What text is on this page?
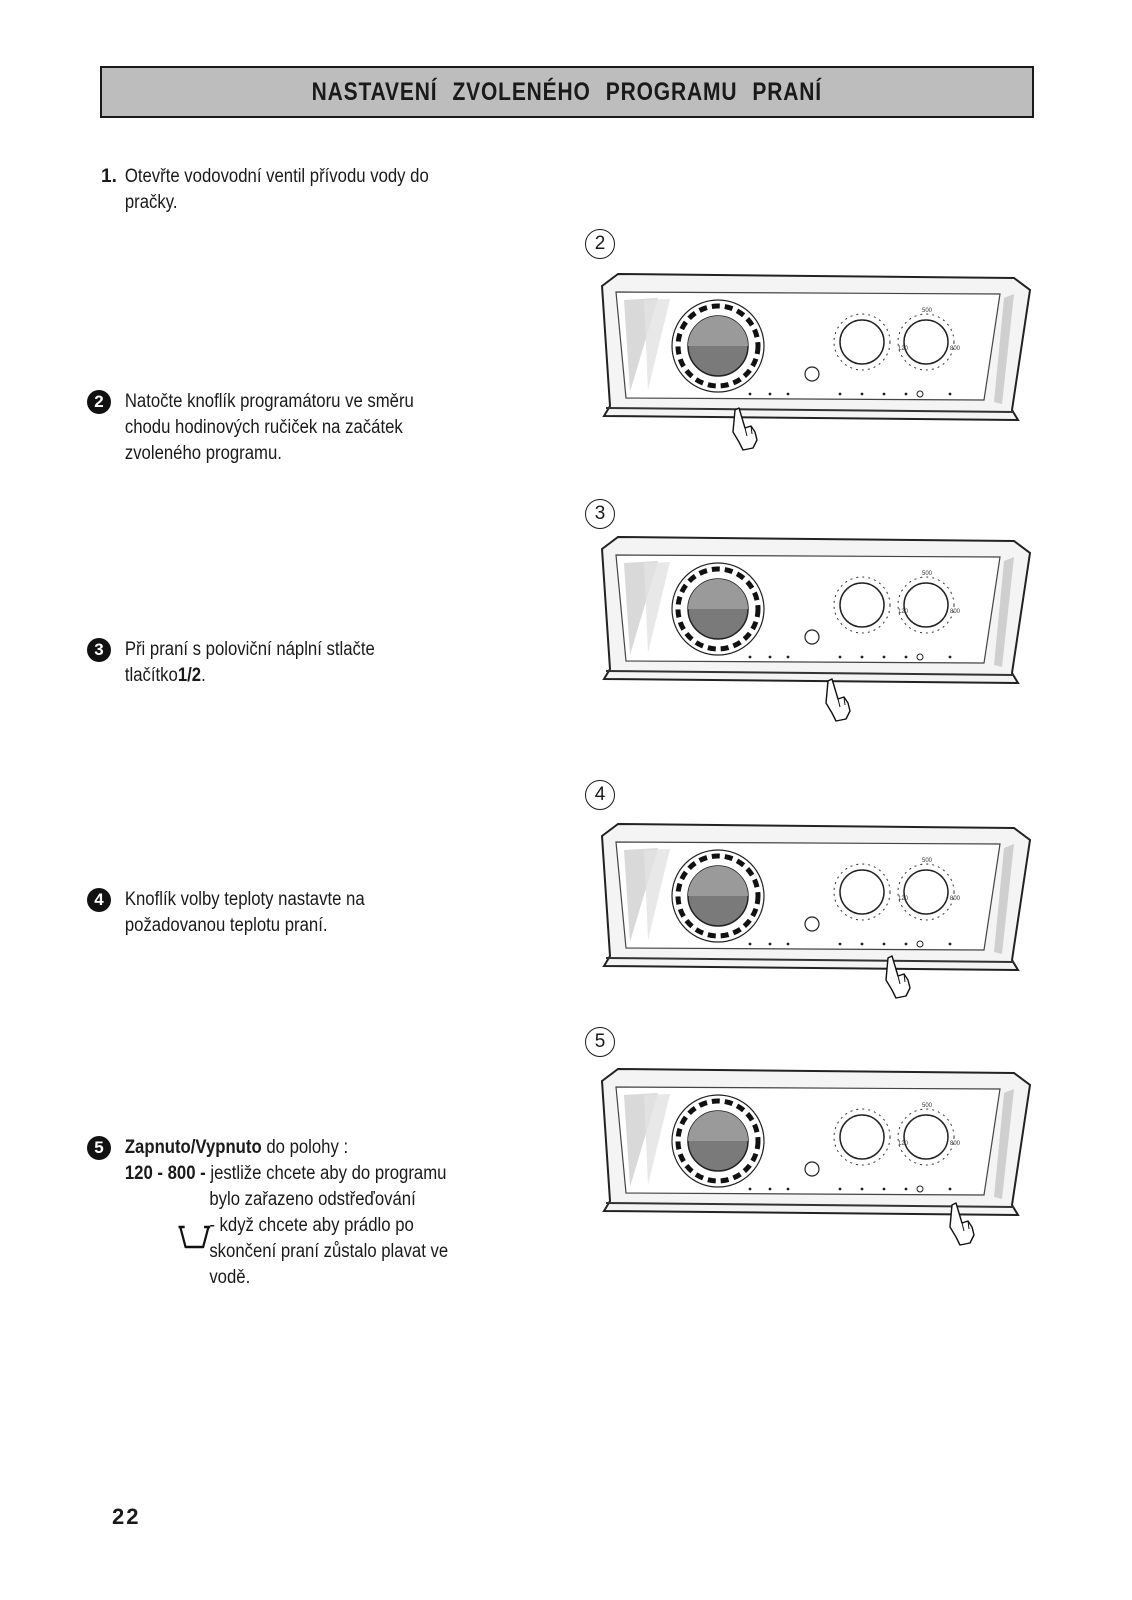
NASTAVENÍ ZVOLENÉHO PROGRAMU PRANÍ
1. Otevřte vodovodní ventil přívodu vody do

pračky.

2	Natočte knoflík programátoru ve směru

chodu hodinových ručiček na začátek

zvoleného programu.

3	Při praní s poloviční náplní stlačte

tlačítko1/2.

4	Knoflík volby teploty nastavte na

požadovanou teplotu praní.

5	Zapnuto/Vypnuto do polohy :

120 - 800 - jestliže chcete aby do programu

bylo zařazeno odstřeďování

- když chcete aby prádlo po

skončení praní zůstalo plavat ve

vodě.

2
3
4
5
500
120	800
500
120	800
500
120	800
500
120	800
22
